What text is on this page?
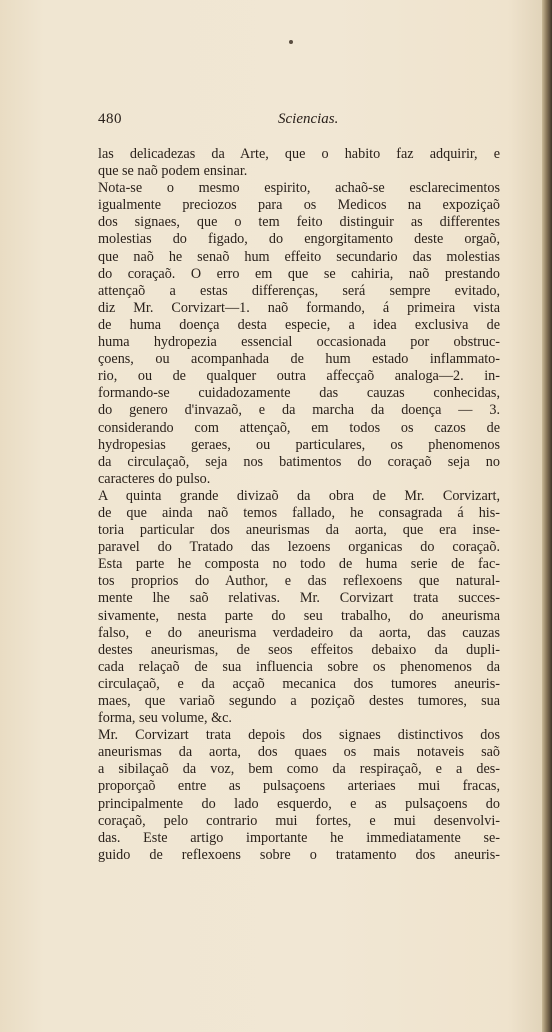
480	Sciencias.
las delicadezas da Arte, que o habito faz adquirir, e
que se naõ podem ensinar.
Nota-se o mesmo espirito, achaõ-se esclarecimentos
igualmente preciozos para os Medicos na expoziçaõ
dos signaes, que o tem feito distinguir as differentes
molestias do figado, do engorgitamento deste orgaõ,
que naõ he senaõ hum effeito secundario das molestias
do coraçaõ. O erro em que se cahiria, naõ prestando
attençaõ a estas differenças, será sempre evitado,
diz Mr. Corvizart—1. naõ formando, á primeira vista
de huma doença desta especie, a idea exclusiva de
huma hydropezia essencial occasionada por obstruc-
çoens, ou acompanhada de hum estado inflammato-
rio, ou de qualquer outra affecçaõ analoga—2. in-
formando-se cuidadozamente das cauzas conhecidas,
do genero d'invazaõ, e da marcha da doença — 3.
considerando com attençaõ, em todos os cazos de
hydropesias geraes, ou particulares, os phenomenos
da circulaçaõ, seja nos batimentos do coraçaõ seja no
caracteres do pulso.
A quinta grande divizaõ da obra de Mr. Corvizart,
de que ainda naõ temos fallado, he consagrada á his-
toria particular dos aneurismas da aorta, que era inse-
paravel do Tratado das lezoens organicas do coraçaõ.
Esta parte he composta no todo de huma serie de fac-
tos proprios do Author, e das reflexoens que natural-
mente lhe saõ relativas. Mr. Corvizart trata succes-
sivamente, nesta parte do seu trabalho, do aneurisma
falso, e do aneurisma verdadeiro da aorta, das cauzas
destes aneurismas, de seos effeitos debaixo da dupli-
cada relaçaõ de sua influencia sobre os phenomenos da
circulaçaõ, e da acçaõ mecanica dos tumores aneuris-
maes, que variaõ segundo a poziçaõ destes tumores, sua
forma, seu volume, &c.
Mr. Corvizart trata depois dos signaes distinctivos dos
aneurismas da aorta, dos quaes os mais notaveis saõ
a sibilaçaõ da voz, bem como da respiraçaõ, e a des-
proporçaõ entre as pulsaçoens arteriaes mui fracas,
principalmente do lado esquerdo, e as pulsaçoens do
coraçaõ, pelo contrario mui fortes, e mui desenvolvi-
das. Este artigo importante he immediatamente se-
guido de reflexoens sobre o tratamento dos aneuris-
